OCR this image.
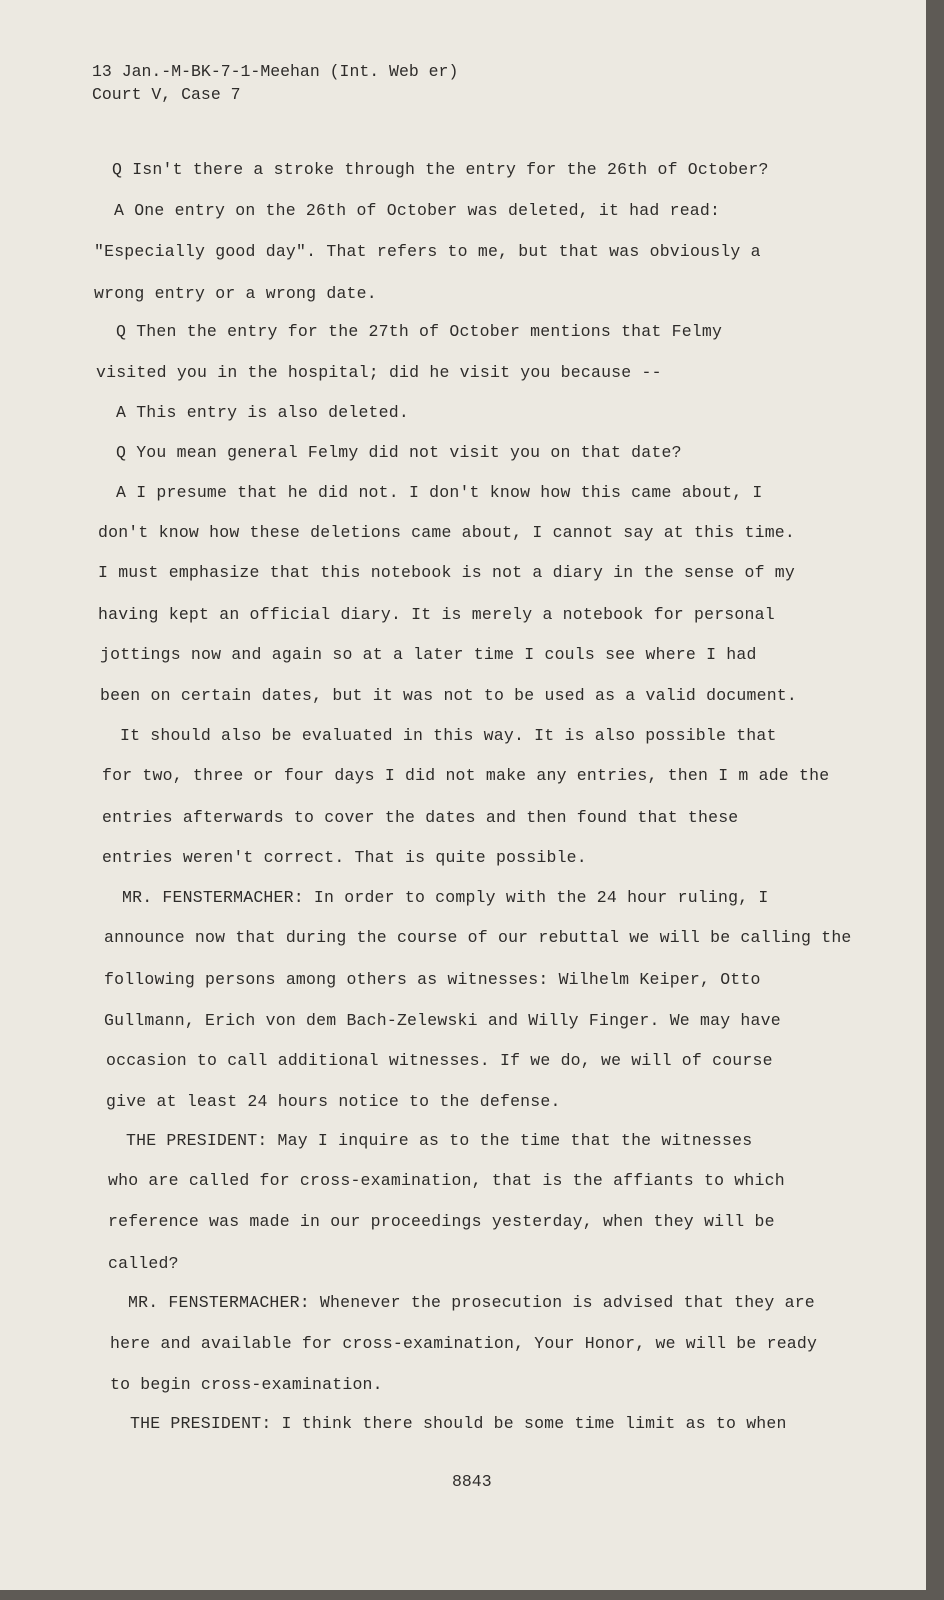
13 Jan.-M-BK-7-1-Meehan (Int. Web er)
Court V, Case 7
Q Isn't there a stroke through the entry for the 26th of October?
A One entry on the 26th of October was deleted, it had read:
"Especially good day". That refers to me, but that was obviously a
wrong entry or a wrong date.
Q Then the entry for the 27th of October mentions that Felmy
visited you in the hospital; did he visit you because --
A This entry is also deleted.
Q You mean general Felmy did not visit you on that date?
A I presume that he did not. I don't know how this came about, I
don't know how these deletions came about, I cannot say at this time.
I must emphasize that this notebook is not a diary in the sense of my
having kept an official diary. It is merely a notebook for personal
jottings now and again so at a later time I couls see where I had
been on certain dates, but it was not to be used as a valid document.
It should also be evaluated in this way. It is also possible that
for two, three or four days I did not make any entries, then I m ade the
entries afterwards to cover the dates and then found that these
entries weren't correct. That is quite possible.
MR. FENSTERMACHER: In order to comply with the 24 hour ruling, I
announce now that during the course of our rebuttal we will be calling the
following persons among others as witnesses: Wilhelm Keiper, Otto
Gullmann, Erich von dem Bach-Zelewski and Willy Finger. We may have
occasion to call additional witnesses. If we do, we will of course
give at least 24 hours notice to the defense.
THE PRESIDENT: May I inquire as to the time that the witnesses
who are called for cross-examination, that is the affiants to which
reference was made in our proceedings yesterday, when they will be
called?
MR. FENSTERMACHER: Whenever the prosecution is advised that they are
here and available for cross-examination, Your Honor, we will be ready
to begin cross-examination.
THE PRESIDENT: I think there should be some time limit as to when
8843
